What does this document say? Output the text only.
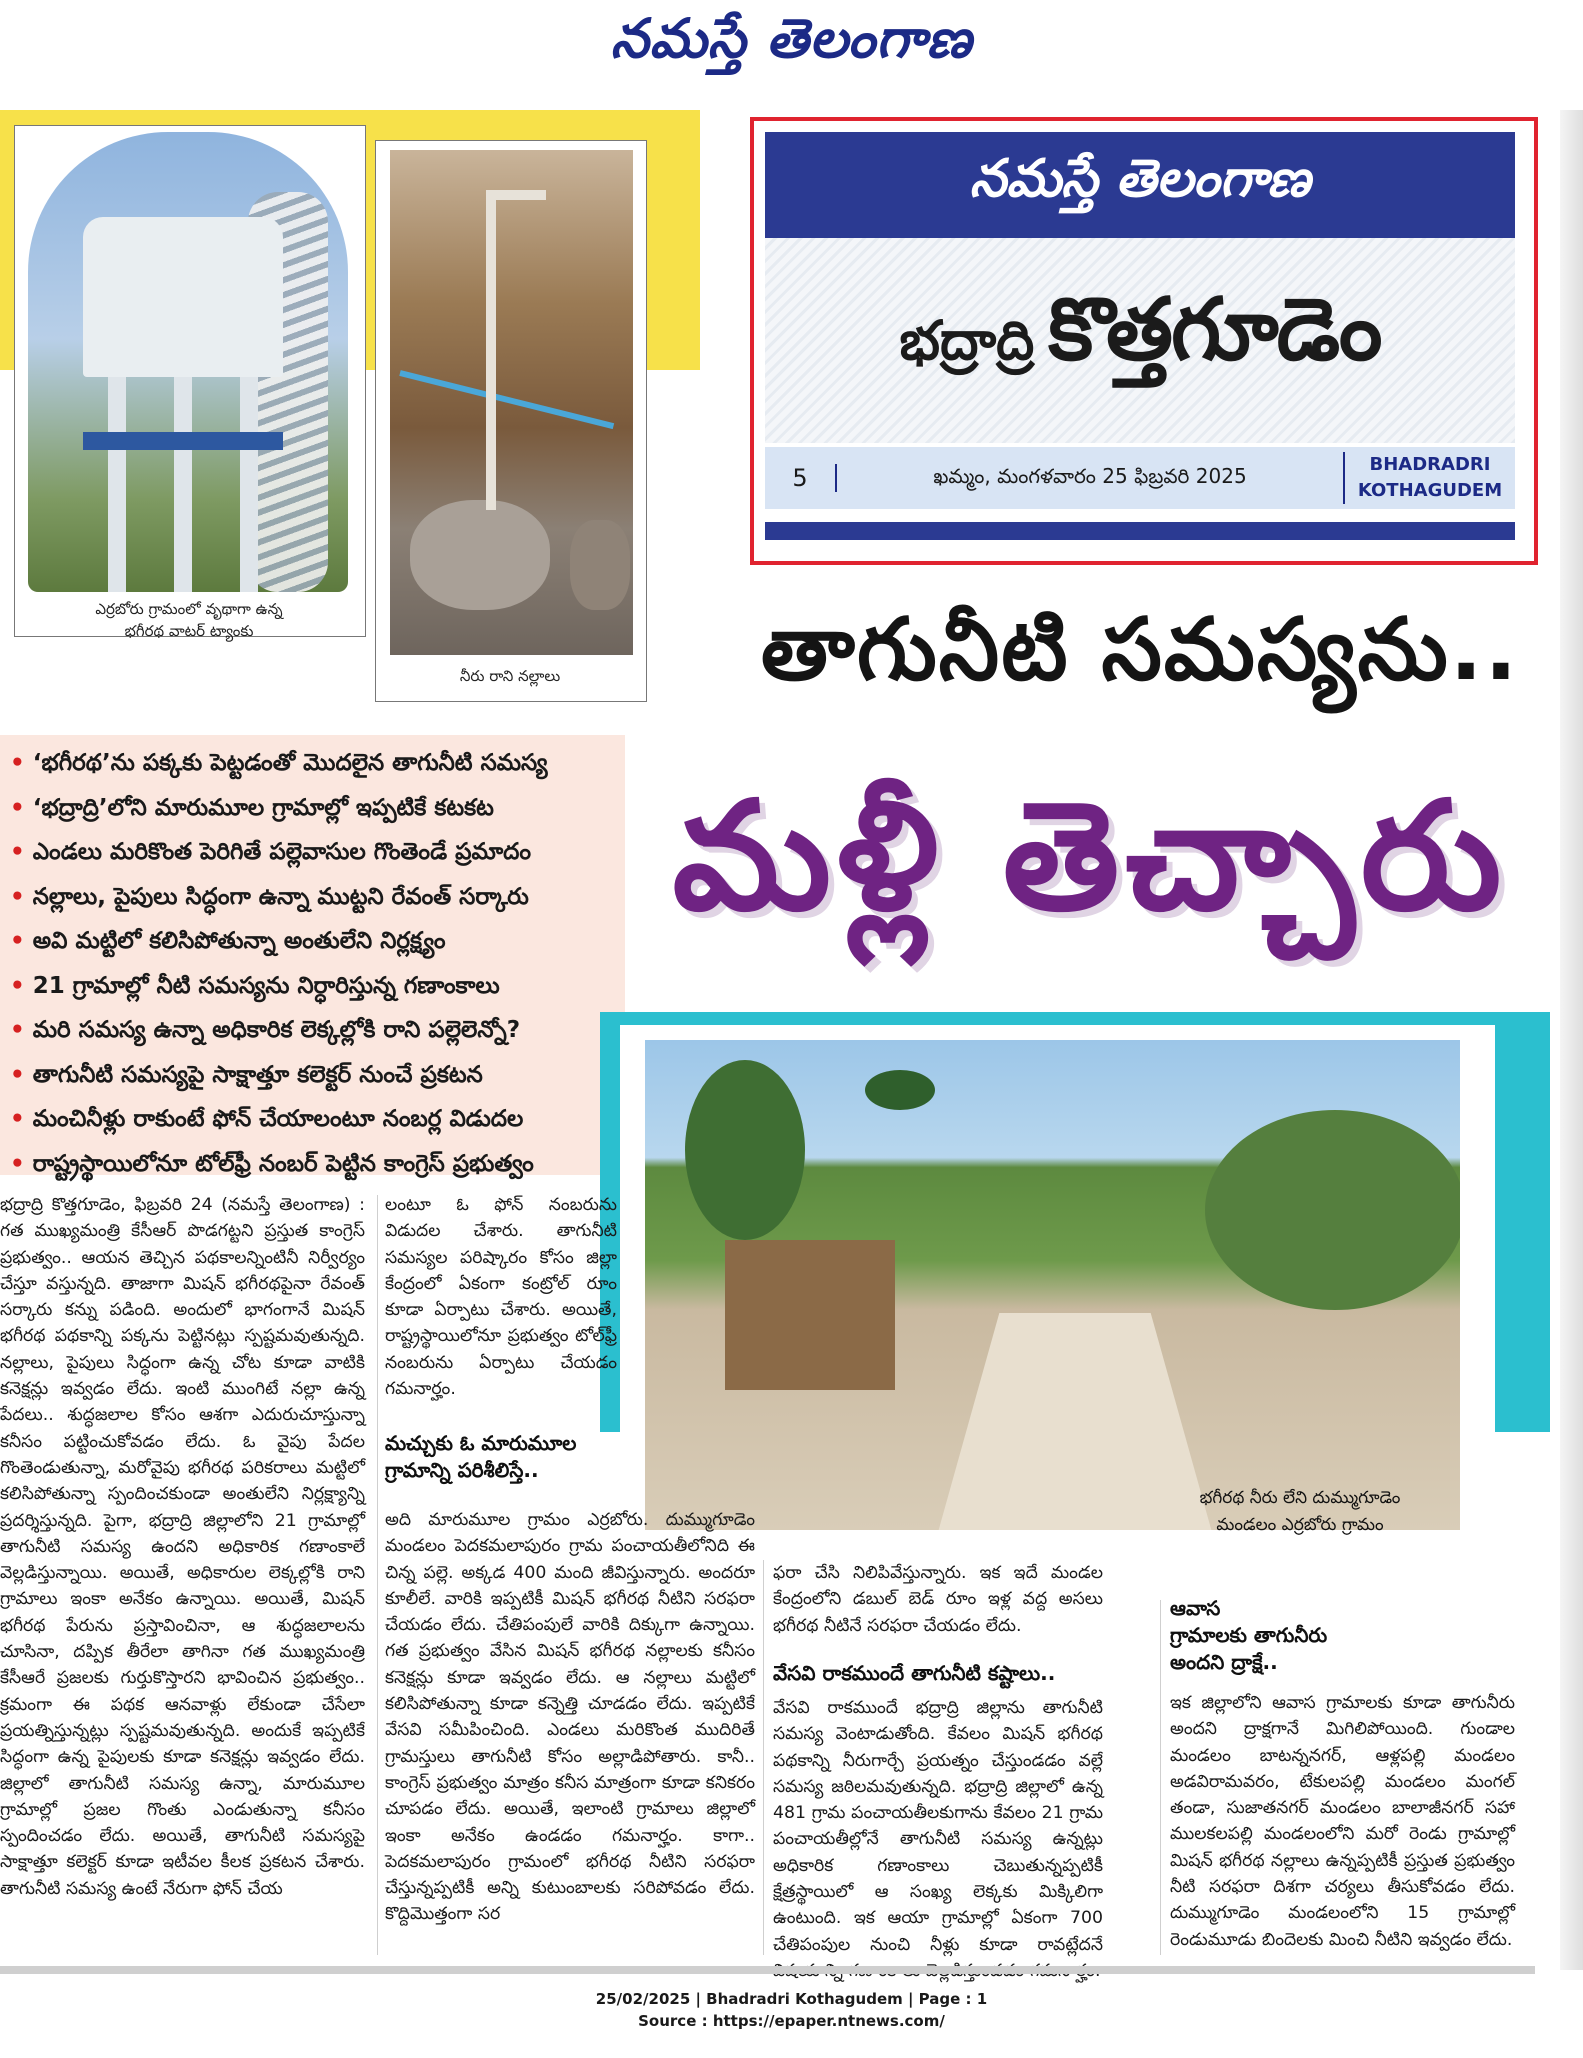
నమస్తే తెలంగాణ
ఎర్రబోరు గ్రామంలో వృథాగా ఉన్న
భగీరథ వాటర్‌ ట్యాంకు
నీరు రాని నల్లాలు
నమస్తే తెలంగాణ
భద్రాద్రి కొత్తగూడెం
5	ఖమ్మం, మంగళవారం 25 ఫిబ్రవరి 2025	BHADRADRI
KOTHAGUDEM
తాగునీటి సమస్యను..
మళ్లీ తెచ్చారు
• ‘భగీరథ’ను పక్కకు పెట్టడంతో మొదలైన తాగునీటి సమస్య
• ‘భద్రాద్రి’లోని మారుమూల గ్రామాల్లో ఇప్పటికే కటకట
• ఎండలు మరికొంత పెరిగితే పల్లెవాసుల గొంతెండే ప్రమాదం
• నల్లాలు, పైపులు సిద్ధంగా ఉన్నా ముట్టని రేవంత్‌ సర్కారు
• అవి మట్టిలో కలిసిపోతున్నా అంతులేని నిర్లక్ష్యం
• 21 గ్రామాల్లో నీటి సమస్యను నిర్ధారిస్తున్న గణాంకాలు
• మరి సమస్య ఉన్నా అధికారిక లెక్కల్లోకి రాని పల్లెలెన్నో?
• తాగునీటి సమస్యపై సాక్షాత్తూ కలెక్టర్‌ నుంచే ప్రకటన
• మంచినీళ్లు రాకుంటే ఫోన్‌ చేయాలంటూ నంబర్ల విడుదల
• రాష్ట్రస్థాయిలోనూ టోల్‌ఫ్రీ నంబర్‌ పెట్టిన కాంగ్రెస్‌ ప్రభుత్వం
భద్రాద్రి కొత్తగూడెం, ఫిబ్రవరి 24 (నమస్తే తెలంగాణ) : గత ముఖ్యమంత్రి కేసీఆర్‌ పొడగట్టని ప్రస్తుత కాంగ్రెస్‌ ప్రభుత్వం.. ఆయన తెచ్చిన పథకాలన్నింటినీ నిర్వీర్యం చేస్తూ వస్తున్నది. తాజాగా మిషన్‌ భగీరథపైనా రేవంత్‌ సర్కారు కన్ను పడింది. అందులో భాగంగానే మిషన్‌ భగీరథ పథకాన్ని పక్కను పెట్టినట్లు స్పష్టమవుతున్నది. నల్లాలు, పైపులు సిద్ధంగా ఉన్న చోట కూడా వాటికి కనెక్షన్లు ఇవ్వడం లేదు. ఇంటి ముంగిటే నల్లా ఉన్న పేదలు.. శుద్ధజలాల కోసం ఆశగా ఎదురుచూస్తున్నా కనీసం పట్టించుకోవడం లేదు. ఓ వైపు పేదల గొంతెండుతున్నా, మరోవైపు భగీరథ పరికరాలు మట్టిలో కలిసిపోతున్నా స్పందించకుండా అంతులేని నిర్లక్ష్యాన్ని ప్రదర్శిస్తున్నది. పైగా, భద్రాద్రి జిల్లాలోని 21 గ్రామాల్లో తాగునీటి సమస్య ఉందని అధికారిక గణాంకాలే వెల్లడిస్తున్నాయి. అయితే, అధికారుల లెక్కల్లోకి రాని గ్రామాలు ఇంకా అనేకం ఉన్నాయి. అయితే, మిషన్‌ భగీరథ పేరును ప్రస్తావించినా, ఆ శుద్ధజలాలను చూసినా, దప్పిక తీరేలా తాగినా గత ముఖ్యమంత్రి కేసీఆరే ప్రజలకు గుర్తుకొస్తారని భావించిన ప్రభుత్వం.. క్రమంగా ఈ పథక ఆనవాళ్లు లేకుండా చేసేలా ప్రయత్నిస్తున్నట్లు స్పష్టమవుతున్నది. అందుకే ఇప్పటికే సిద్ధంగా ఉన్న పైపులకు కూడా కనెక్షన్లు ఇవ్వడం లేదు. జిల్లాలో తాగునీటి సమస్య ఉన్నా, మారుమూల గ్రామాల్లో ప్రజల గొంతు ఎండుతున్నా కనీసం స్పందించడం లేదు. అయితే, తాగునీటి సమస్యపై సాక్షాత్తూ కలెక్టర్‌ కూడా ఇటీవల కీలక ప్రకటన చేశారు. తాగునీటి సమస్య ఉంటే నేరుగా ఫోన్‌ చేయ
లంటూ ఓ ఫోన్‌ నంబరును విడుదల చేశారు. తాగునీటి సమస్యల పరిష్కారం కోసం జిల్లా కేంద్రంలో ఏకంగా కంట్రోల్‌ రూం కూడా ఏర్పాటు చేశారు. అయితే, రాష్ట్రస్థాయిలోనూ ప్రభుత్వం టోల్‌ఫ్రీ నంబరును ఏర్పాటు చేయడం గమనార్హం.
మచ్చుకు ఓ మారుమూల గ్రామాన్ని పరిశీలిస్తే..
అది మారుమూల గ్రామం ఎర్రబోరు. దుమ్ముగూడెం మండలం పెదకమలాపురం గ్రామ పంచాయతీలోనిది ఈ చిన్న పల్లె. అక్కడ 400 మంది జీవిస్తున్నారు. అందరూ కూలీలే. వారికి ఇప్పటికీ మిషన్‌ భగీరథ నీటిని సరఫరా చేయడం లేదు. చేతిపంపులే వారికి దిక్కుగా ఉన్నాయి. గత ప్రభుత్వం వేసిన మిషన్‌ భగీరథ నల్లాలకు కనీసం కనెక్షన్లు కూడా ఇవ్వడం లేదు. ఆ నల్లాలు మట్టిలో కలిసిపోతున్నా కూడా కన్నెత్తి చూడడం లేదు. ఇప్పటికే వేసవి సమీపించింది. ఎండలు మరికొంత ముదిరితే గ్రామస్తులు తాగునీటి కోసం అల్లాడిపోతారు. కానీ.. కాంగ్రెస్‌ ప్రభుత్వం మాత్రం కనీస మాత్రంగా కూడా కనికరం చూపడం లేదు. అయితే, ఇలాంటి గ్రామాలు జిల్లాలో ఇంకా అనేకం ఉండడం గమనార్హం. కాగా.. పెదకమలాపురం గ్రామంలో భగీరథ నీటిని సరఫరా చేస్తున్నప్పటికీ అన్ని కుటుంబాలకు సరిపోవడం లేదు. కొద్దిమొత్తంగా సర
ఫరా చేసి నిలిపివేస్తున్నారు. ఇక ఇదే మండల కేంద్రంలోని డబుల్‌ బెడ్‌ రూం ఇళ్ల వద్ద అసలు భగీరథ నీటినే సరఫరా చేయడం లేదు.
వేసవి రాకముందే తాగునీటి కష్టాలు..
వేసవి రాకముందే భద్రాద్రి జిల్లాను తాగునీటి సమస్య వెంటాడుతోంది. కేవలం మిషన్‌ భగీరథ పథకాన్ని నీరుగార్చే ప్రయత్నం చేస్తుండడం వల్లే సమస్య జఠిలమవుతున్నది. భద్రాద్రి జిల్లాలో ఉన్న 481 గ్రామ పంచాయతీలకుగాను కేవలం 21 గ్రామ పంచాయతీల్లోనే తాగునీటి సమస్య ఉన్నట్లు అధికారిక గణాంకాలు చెబుతున్నప్పటికీ క్షేత్రస్థాయిలో ఆ సంఖ్య లెక్కకు మిక్కిలిగా ఉంటుంది. ఇక ఆయా గ్రామాల్లో ఏకంగా 700 చేతిపంపుల నుంచి నీళ్లు కూడా రావట్లేదనే
భగీరథ నీరు లేని దుమ్ముగూడెం
మండలం ఎర్రబోరు గ్రామం
ఆవాస
గ్రామాలకు తాగునీరు
అందని ద్రాక్షే..
ఇక జిల్లాలోని ఆవాస గ్రామాలకు కూడా తాగునీరు అందని ద్రాక్షగానే మిగిలిపోయింది. గుండాల మండలం బాటన్ననగర్‌, ఆళ్లపల్లి మండలం అడవిరామవరం, టేకులపల్లి మండలం మంగల్‌ తండా, సుజాతనగర్‌ మండలం బాలాజీనగర్‌ సహా ములకలపల్లి మండలంలోని మరో రెండు గ్రామాల్లో మిషన్‌ భగీరథ నల్లాలు ఉన్నప్పటికీ ప్రస్తుత ప్రభుత్వం నీటి సరఫరా దిశగా చర్యలు తీసుకోవడం లేదు. దుమ్ముగూడెం మండలంలోని 15 గ్రామాల్లో రెండుమూడు బిందెలకు మించి నీటిని ఇవ్వడం లేదు.
25/02/2025 | Bhadradri Kothagudem | Page : 1
Source : https://epaper.ntnews.com/
